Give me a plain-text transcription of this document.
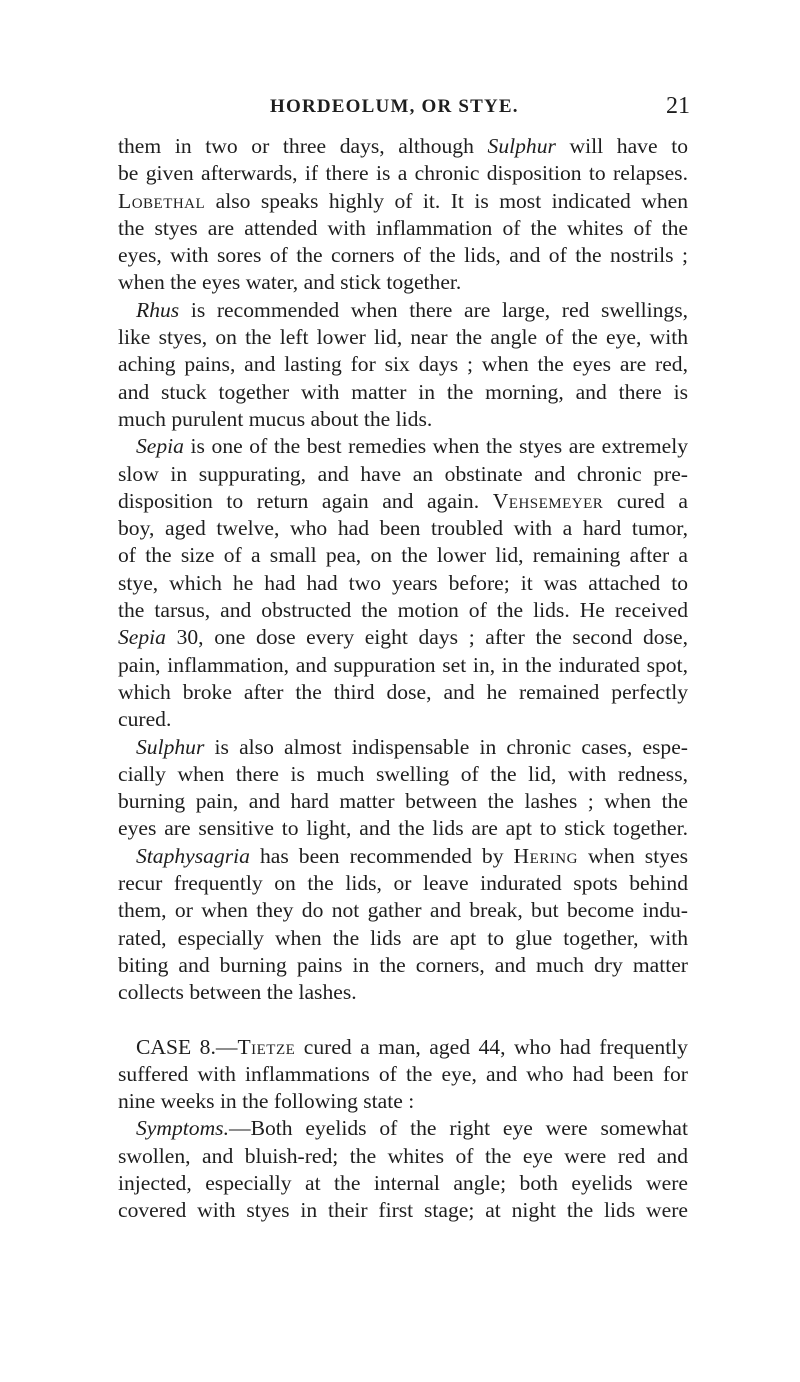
HORDEOLUM, OR STYE.	21
them in two or three days, although Sulphur will have to
be given afterwards, if there is a chronic disposition to relapses.
Lobethal also speaks highly of it. It is most indicated when
the styes are attended with inflammation of the whites of the
eyes, with sores of the corners of the lids, and of the nostrils ;
when the eyes water, and stick together.
Rhus is recommended when there are large, red swellings,
like styes, on the left lower lid, near the angle of the eye, with
aching pains, and lasting for six days ; when the eyes are red,
and stuck together with matter in the morning, and there is
much purulent mucus about the lids.
Sepia is one of the best remedies when the styes are extremely
slow in suppurating, and have an obstinate and chronic pre-
disposition to return again and again. Vehsemeyer cured a
boy, aged twelve, who had been troubled with a hard tumor,
of the size of a small pea, on the lower lid, remaining after a
stye, which he had had two years before; it was attached to
the tarsus, and obstructed the motion of the lids. He received
Sepia 30, one dose every eight days ; after the second dose,
pain, inflammation, and suppuration set in, in the indurated spot,
which broke after the third dose, and he remained perfectly
cured.
Sulphur is also almost indispensable in chronic cases, espe-
cially when there is much swelling of the lid, with redness,
burning pain, and hard matter between the lashes ; when the
eyes are sensitive to light, and the lids are apt to stick together.
Staphysagria has been recommended by Hering when styes
recur frequently on the lids, or leave indurated spots behind
them, or when they do not gather and break, but become indu-
rated, especially when the lids are apt to glue together, with
biting and burning pains in the corners, and much dry matter
collects between the lashes.
CASE 8.—Tietze cured a man, aged 44, who had frequently
suffered with inflammations of the eye, and who had been for
nine weeks in the following state :
Symptoms.—Both eyelids of the right eye were somewhat
swollen, and bluish-red; the whites of the eye were red and
injected, especially at the internal angle; both eyelids were
covered with styes in their first stage; at night the lids were
